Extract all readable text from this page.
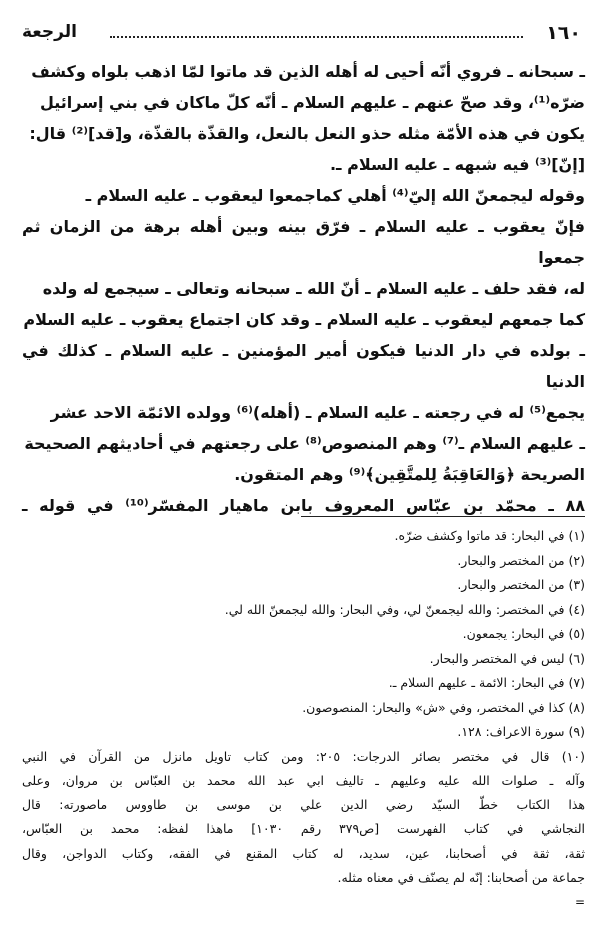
١٦٠
الرجعة

ـ سبحانه ـ فروي أنّه أحيى له أهله الذين قد ماتوا لمّا اذهب بلواه وكشف

ضرّه⁽¹⁾، وقد صحّ عنهم ـ عليهم السلام ـ أنّه كلّ ماكان في بني إسرائيل

يكون في هذه الأمّة مثله حذو النعل بالنعل، والقذّة بالقذّة، و[قد]⁽²⁾ قال:

[إنّ]⁽³⁾ فيه شبهه ـ عليه السلام ـ.

وقوله ليجمعنّ الله إليّ⁽⁴⁾ أهلي كماجمعوا ليعقوب ـ عليه السلام ـ

فإنّ يعقوب ـ عليه السلام ـ فرّق بينه وبين أهله برهة من الزمان ثم جمعوا

له، فقد حلف ـ عليه السلام ـ أنّ الله ـ سبحانه وتعالى ـ سيجمع له ولده

كما جمعهم ليعقوب ـ عليه السلام ـ وقد كان اجتماع يعقوب ـ عليه السلام

ـ بولده في دار الدنيا فيكون أمير المؤمنين ـ عليه السلام ـ كذلك في الدنيا

يجمع⁽⁵⁾ له في رجعته ـ عليه السلام ـ (أهله)⁽⁶⁾ وولده الائمّة الاحد عشر

ـ عليهم السلام ـ⁽⁷⁾ وهم المنصوص⁽⁸⁾ على رجعتهم في أحاديثهم الصحيحة

الصريحة ﴿وَالعَاقِبَةُ لِلمتَّقِين﴾⁽⁹⁾ وهم المتقون.

٨٨ ـ محمّد بن عبّاس المعروف بابن ماهيار المفسّر⁽¹⁰⁾ في قوله ـ

(١) في البحار: قد ماتوا وكشف ضرّه.

(٢) من المختصر والبحار.

(٣) من المختصر والبحار.

(٤) في المختصر: والله ليجمعنّ لي، وفي البحار: والله ليجمعنّ الله لي.

(٥) في البحار: يجمعون.

(٦) ليس في المختصر والبحار.

(٧) في البحار: الائمة ـ عليهم السلام ـ.

(٨) كذا في المختصر، وفي «ش» والبحار: المنصوصون.

(٩) سورة الاعراف: ١٢٨.

(١٠) قال في مختصر بصائر الدرجات: ٢٠٥: ومن كتاب تاويل مانزل من القرآن في النبي
وآله ـ صلوات الله عليه وعليهم ـ تاليف ابي عبد الله محمد بن العبّاس بن مروان، وعلى
هذا الكتاب خطّ السيّد رضي الدين علي بن موسى بن طاووس ماصورته: قال
النجاشي في كتاب الفهرست [ص٣٧٩ رقم ١٠٣٠] ماهذا لفظه: محمد بن العبّاس،
ثقة، ثقة في أصحابنا، عين، سديد، له كتاب المقنع في الفقه، وكتاب الدواجن، وقال
جماعة من أصحابنا: إنّه لم يصنّف في معناه مثله.
=
